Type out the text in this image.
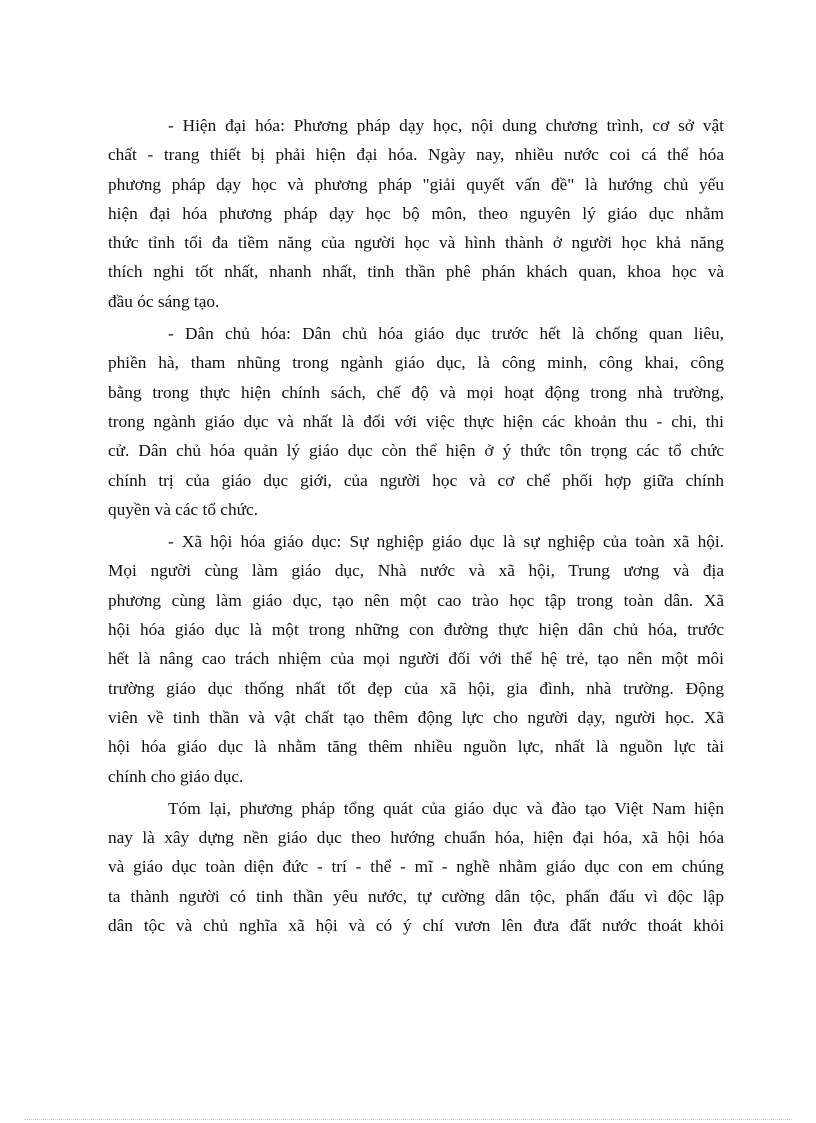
- Hiện đại hóa: Phương pháp dạy học, nội dung chương trình, cơ sở vật
chất - trang thiết bị phải hiện đại hóa. Ngày nay, nhiều nước coi cá thể hóa
phương pháp dạy học và phương pháp "giải quyết vấn đề" là hướng chủ yếu
hiện đại hóa phương pháp dạy học bộ môn, theo nguyên lý giáo dục nhằm
thức tỉnh tối đa tiềm năng của người học và hình thành ở người học khả năng
thích nghi tốt nhất, nhanh nhất, tinh thần phê phán khách quan, khoa học và
đầu óc sáng tạo.
- Dân chủ hóa: Dân chủ hóa giáo dục trước hết là chống quan liêu,
phiền hà, tham nhũng trong ngành giáo dục, là công minh, công khai, công
bằng trong thực hiện chính sách, chế độ và mọi hoạt động trong nhà trường,
trong ngành giáo dục và nhất là đối với việc thực hiện các khoản thu - chi, thi
cử. Dân chủ hóa quản lý giáo dục còn thể hiện ở ý thức tôn trọng các tổ chức
chính trị của giáo dục giới, của người học và cơ chế phối hợp giữa chính
quyền và các tổ chức.
- Xã hội hóa giáo dục: Sự nghiệp giáo dục là sự nghiệp của toàn xã hội.
Mọi người cùng làm giáo dục, Nhà nước và xã hội, Trung ương và địa
phương cùng làm giáo dục, tạo nên một cao trào học tập trong toàn dân. Xã
hội hóa giáo dục là một trong những con đường thực hiện dân chủ hóa, trước
hết là nâng cao trách nhiệm của mọi người đối với thế hệ trẻ, tạo nên một môi
trường giáo dục thống nhất tốt đẹp của xã hội, gia đình, nhà trường. Động
viên về tinh thần và vật chất tạo thêm động lực cho người dạy, người học. Xã
hội hóa giáo dục là nhằm tăng thêm nhiều nguồn lực, nhất là nguồn lực tài
chính cho giáo dục.
Tóm lại, phương pháp tổng quát của giáo dục và đào tạo Việt Nam hiện
nay là xây dựng nền giáo dục theo hướng chuẩn hóa, hiện đại hóa, xã hội hóa
và giáo dục toàn diện đức - trí - thể - mĩ - nghề nhằm giáo dục con em chúng
ta thành người có tinh thần yêu nước, tự cường dân tộc, phấn đấu vì độc lập
dân tộc và chủ nghĩa xã hội và có ý chí vươn lên đưa đất nước thoát khỏi
